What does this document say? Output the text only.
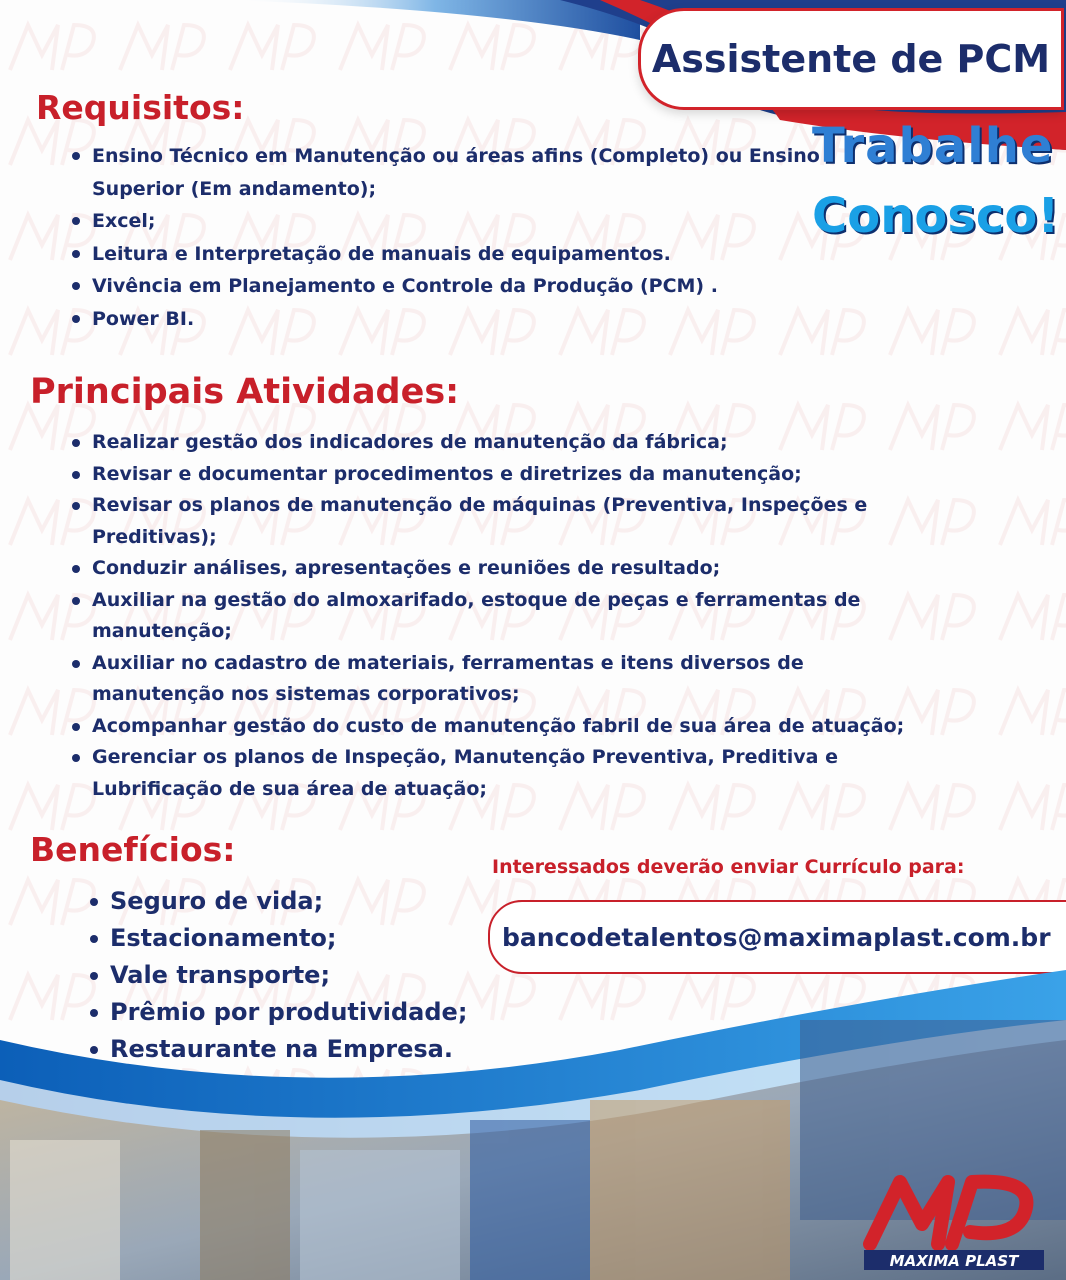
Assistente de PCM
Trabalhe
Conosco!
Requisitos:
Ensino Técnico em Manutenção ou áreas afins (Completo) ou Ensino Superior (Em andamento);
Excel;
Leitura e Interpretação de manuais de equipamentos.
Vivência em Planejamento e Controle da Produção (PCM) .
Power BI.
Principais Atividades:
Realizar gestão dos indicadores de manutenção da fábrica;
Revisar e documentar procedimentos e diretrizes da manutenção;
Revisar os planos de manutenção de máquinas (Preventiva, Inspeções e Preditivas);
Conduzir análises, apresentações e reuniões de resultado;
Auxiliar na gestão do almoxarifado, estoque de peças e ferramentas de manutenção;
Auxiliar no cadastro de materiais, ferramentas e itens diversos de manutenção nos sistemas corporativos;
Acompanhar gestão do custo de manutenção fabril de sua área de atuação;
Gerenciar os planos de Inspeção, Manutenção Preventiva, Preditiva e Lubrificação de sua área de atuação;
Benefícios:
Seguro de vida;
Estacionamento;
Vale transporte;
Prêmio por produtividade;
Restaurante na Empresa.
Interessados deverão enviar Currículo para:
bancodetalentos@maximaplast.com.br
MAXIMA PLAST
